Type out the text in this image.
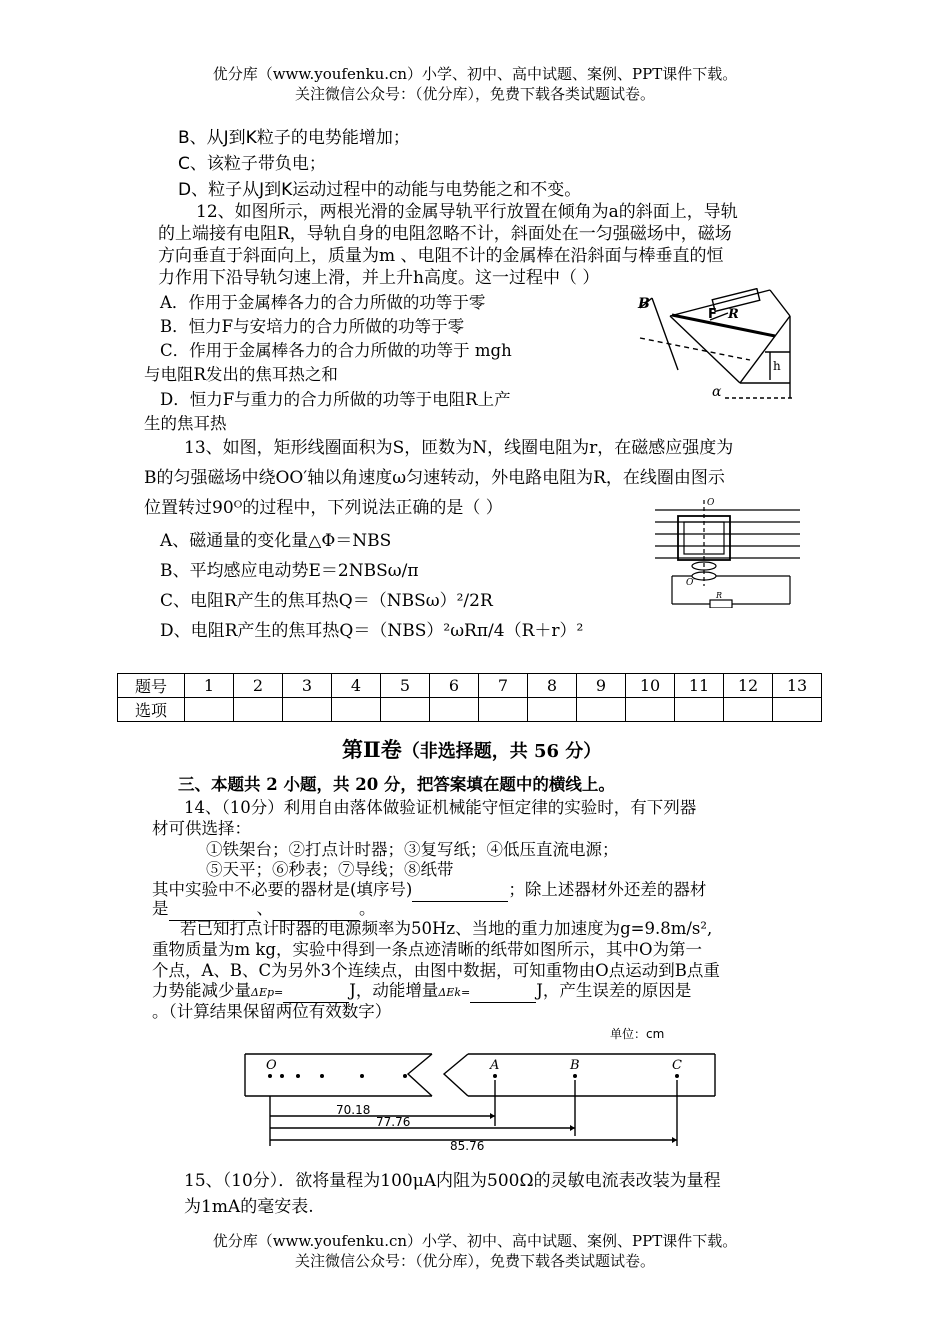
优分库（www.youfenku.cn）小学、初中、高中试题、案例、PPT课件下载。
关注微信公众号：（优分库），免费下载各类试题试卷。
B、从J到K粒子的电势能增加；
C、该粒子带负电；
D、粒子从J到K运动过程中的动能与电势能之和不变。
12、如图所示，两根光滑的金属导轨平行放置在倾角为a的斜面上，导轨
的上端接有电阻R，导轨自身的电阻忽略不计，斜面处在一匀强磁场中，磁场
方向垂直于斜面向上，质量为m 、电阻不计的金属棒在沿斜面与棒垂直的恒
力作用下沿导轨匀速上滑，并上升h高度。这一过程中（ ）
A．作用于金属棒各力的合力所做的功等于零
B．恒力F与安培力的合力所做的功等于零
C．作用于金属棒各力的合力所做的功等于 mgh
与电阻R发出的焦耳热之和
D．恒力F与重力的合力所做的功等于电阻R上产
生的焦耳热
B
F R
h
α
13、如图，矩形线圈面积为S，匝数为N，线圈电阻为r，在磁感应强度为
B的匀强磁场中绕OO′轴以角速度ω匀速转动，外电路电阻为R，在线圈由图示
位置转过90ᴼ的过程中，下列说法正确的是（ ）
A、磁通量的变化量△Φ＝NBS
B、平均感应电动势E＝2NBSω/π
C、电阻R产生的焦耳热Q＝（NBSω）²/2R
D、电阻R产生的焦耳热Q＝（NBS）²ωRπ/4（R＋r）²
O
O′
R
题号	1	2	3	4	5	6	7	8	9	10	11	12	13
选项													
第Ⅱ卷（非选择题，共 56 分）
三、本题共 2 小题，共 20 分，把答案填在题中的横线上。
14、（10分）利用自由落体做验证机械能守恒定律的实验时，有下列器
材可供选择：
①铁架台；②打点计时器；③复写纸；④低压直流电源；
⑤天平；⑥秒表；⑦导线；⑧纸带
其中实验中不必要的器材是(填序号)	；除上述器材外还差的器材
是	、	。
若已知打点计时器的电源频率为50Hz、当地的重力加速度为g=9.8m/s²,
重物质量为m kg，实验中得到一条点迹清晰的纸带如图所示，其中O为第一
个点，A、B、C为另外3个连续点，由图中数据，可知重物由O点运动到B点重
力势能减少量ΔEp=	J，动能增量ΔEk=	J，产生误差的原因是
。（计算结果保留两位有效数字）
单位：cm
O	A	B	C
70.18
77.76
85.76
15、（10分）．欲将量程为100μA内阻为500Ω的灵敏电流表改装为量程
为1mA的毫安表.
优分库（www.youfenku.cn）小学、初中、高中试题、案例、PPT课件下载。
关注微信公众号：（优分库），免费下载各类试题试卷。
